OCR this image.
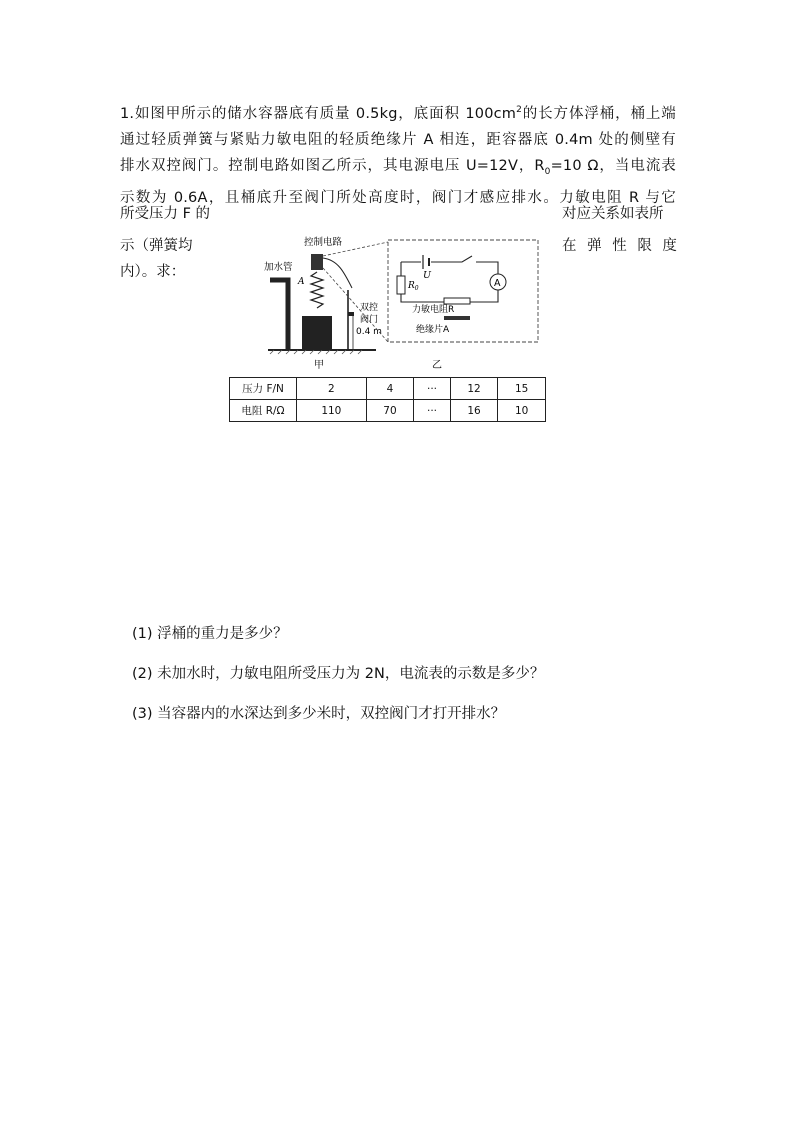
1.如图甲所示的储水容器底有质量 0.5kg，底面积 $100cm^2$的长方体浮桶，桶上端
通过轻质弹簧与紧贴力敏电阻的轻质绝缘片 A 相连，距容器底 0.4m 处的侧壁有
排水双控阀门。控制电路如图乙所示，其电源电压 U=12V，$R_0=10$ Ω，当电流表
示数为 0.6A，且桶底升至阀门所处高度时，阀门才感应排水。力敏电阻 R 与它
所受压力 F 的	对应关系如表所
示（弹簧均	在 弹 性 限 度
内）。求：	加水管
A
控制电路
双控
阀门
0.4 m
甲
U
$R_0$	A
力敏电阻R
绝缘片A
乙
压力 F/N	2	4	···	12	15
电阻 R/Ω	110	70	···	16	10
(1) 浮桶的重力是多少？
(2) 未加水时，力敏电阻所受压力为 2N，电流表的示数是多少？
(3) 当容器内的水深达到多少米时，双控阀门才打开排水？
